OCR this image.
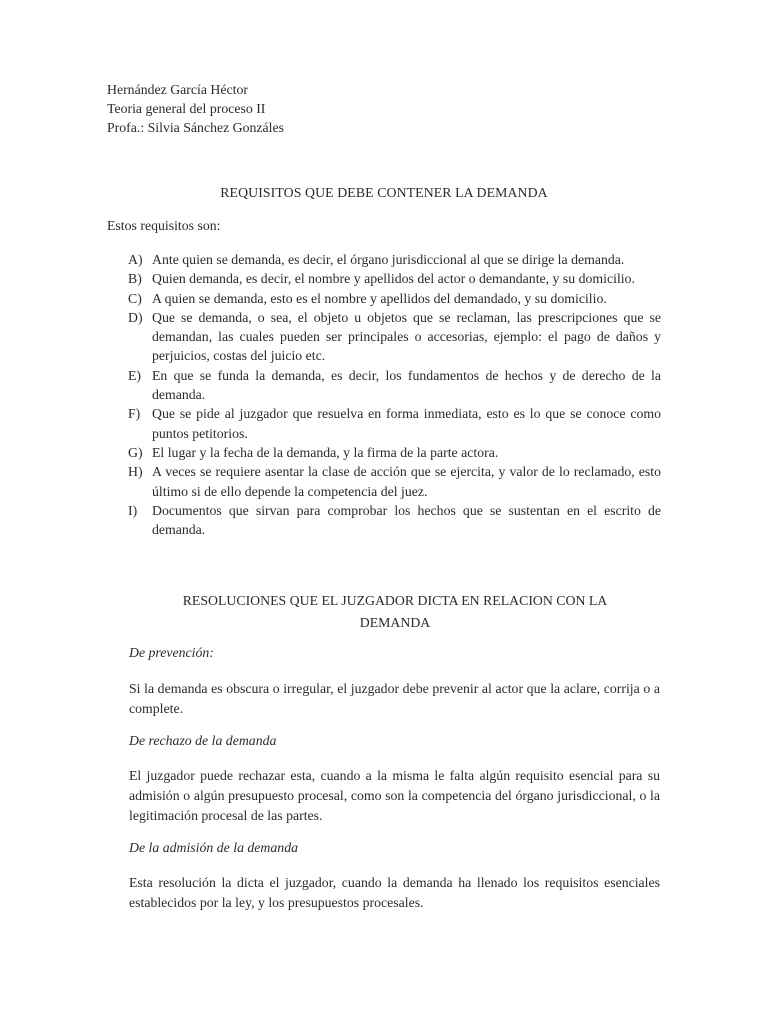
Hernández García Héctor
Teoria general del proceso II
Profa.: Silvia Sánchez Gonzáles
REQUISITOS QUE DEBE CONTENER LA DEMANDA
Estos requisitos son:
A) Ante quien se demanda, es decir, el órgano jurisdiccional al que se dirige la demanda.
B) Quien demanda, es decir, el nombre y apellidos del actor o demandante, y su domicilio.
C) A quien se demanda, esto es el nombre y apellidos del demandado, y su domicilio.
D) Que se demanda, o sea, el objeto u objetos que se reclaman, las prescripciones que se demandan, las cuales pueden ser principales o accesorias, ejemplo: el pago de daños y perjuicios, costas del juicio etc.
E) En que se funda la demanda, es decir, los fundamentos de hechos y de derecho de la demanda.
F) Que se pide al juzgador que resuelva en forma inmediata, esto es lo que se conoce como puntos petitorios.
G) El lugar y la fecha de la demanda, y la firma de la parte actora.
H) A veces se requiere asentar la clase de acción que se ejercita, y valor de lo reclamado, esto último si de ello depende la competencia del juez.
I)	Documentos que sirvan para comprobar los hechos que se sustentan en el escrito de demanda.
RESOLUCIONES QUE EL JUZGADOR DICTA EN RELACION CON LA DEMANDA
De prevención:
Si la demanda es obscura o irregular, el juzgador debe prevenir al actor que la aclare, corrija o a complete.
De rechazo de la demanda
El juzgador puede rechazar esta, cuando a la misma le falta algún requisito esencial para su admisión o algún presupuesto procesal, como son la competencia del órgano jurisdiccional, o la legitimación procesal de las partes.
De la admisión de la demanda
Esta resolución la dicta el juzgador, cuando la demanda ha llenado los requisitos esenciales establecidos por la ley, y los presupuestos procesales.
